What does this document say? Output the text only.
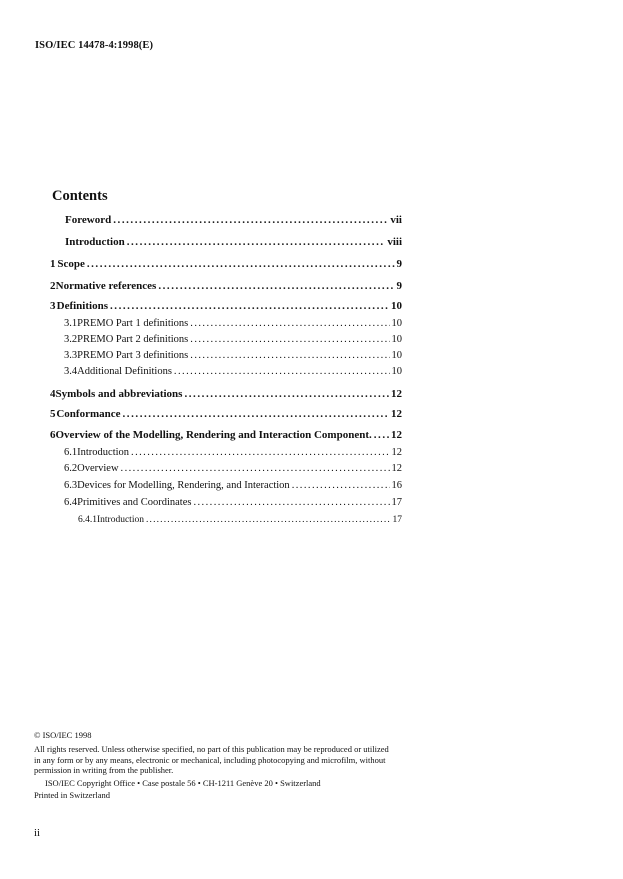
ISO/IEC 14478-4:1998(E)
Contents
Foreword . . .	vii
Introduction . . .	viii
1 Scope . . .	9
2 Normative references . . .	9
3 Definitions . . .	10
3.1 PREMO Part 1 definitions . . .	10
3.2 PREMO Part 2 definitions . . .	10
3.3 PREMO Part 3 definitions . . .	10
3.4 Additional Definitions . . .	10
4 Symbols and abbreviations . . .	12
5 Conformance . . .	12
6 Overview of the Modelling, Rendering and Interaction Component. . . . 12
6.1 Introduction . . .	12
6.2 Overview . . .	12
6.3 Devices for Modelling, Rendering, and Interaction . . .	16
6.4 Primitives and Coordinates . . .	17
6.4.1 Introduction . . .	17
© ISO/IEC 1998
All rights reserved. Unless otherwise specified, no part of this publication may be reproduced or utilized in any form or by any means, electronic or mechanical, including photocopying and microfilm, without permission in writing from the publisher.
ISO/IEC Copyright Office • Case postale 56 • CH-1211 Genève 20 • Switzerland
Printed in Switzerland
ii
